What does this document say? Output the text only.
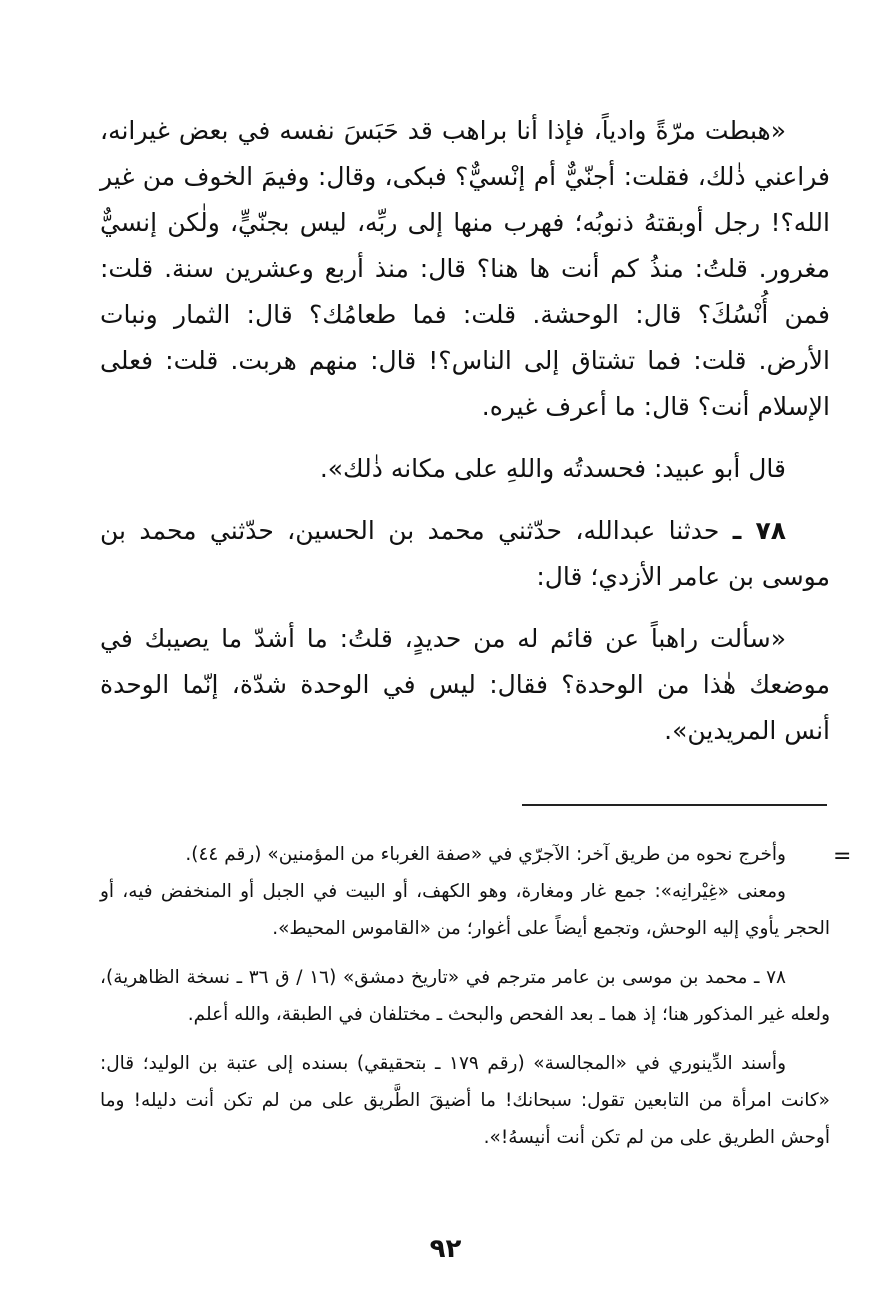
«هبطت مرّةً وادياً، فإذا أنا براهب قد حَبَسَ نفسه في بعض غيرانه، فراعني ذٰلك، فقلت: أجنّيٌّ أم إنْسيٌّ؟ فبكى، وقال: وفيمَ الخوف من غير الله؟! رجل أوبقتهُ ذنوبُه؛ فهرب منها إلى ربِّه، ليس بجنّيٍّ، ولٰكن إنسيٌّ مغرور. قلتُ: منذُ كم أنت ها هنا؟ قال: منذ أربع وعشرين سنة. قلت: فمن أُنْسُكَ؟ قال: الوحشة. قلت: فما طعامُك؟ قال: الثمار ونبات الأرض. قلت: فما تشتاق إلى الناس؟! قال: منهم هربت. قلت: فعلى الإسلام أنت؟ قال: ما أعرف غيره.

قال أبو عبيد: فحسدتُه واللهِ على مكانه ذٰلك».

٧٨ ـ حدثنا عبدالله، حدّثني محمد بن الحسين، حدّثني محمد بن موسى بن عامر الأزدي؛ قال:

«سألت راهباً عن قائم له من حديدٍ، قلتُ: ما أشدّ ما يصيبك في موضعك هٰذا من الوحدة؟ فقال: ليس في الوحدة شدّة، إنّما الوحدة أنس المريدين».

=

وأخرج نحوه من طريق آخر: الآجرّي في «صفة الغرباء من المؤمنين» (رقم ٤٤).

ومعنى «غِيْرانِه»: جمع غار ومغارة، وهو الكهف، أو البيت في الجبل أو المنخفض فيه، أو الحجر يأوي إليه الوحش، وتجمع أيضاً على أغوار؛ من «القاموس المحيط».

٧٨ ـ محمد بن موسى بن عامر مترجم في «تاريخ دمشق» (١٦ / ق ٣٦ ـ نسخة الظاهرية)، ولعله غير المذكور هنا؛ إذ هما ـ بعد الفحص والبحث ـ مختلفان في الطبقة، والله أعلم.

وأسند الدِّينوري في «المجالسة» (رقم ١٧٩ ـ بتحقيقي) بسنده إلى عتبة بن الوليد؛ قال: «كانت امرأة من التابعين تقول: سبحانك! ما أضيقَ الطَّريق على من لم تكن أنت دليله! وما أوحش الطريق على من لم تكن أنت أنيسهُ!».

٩٢
